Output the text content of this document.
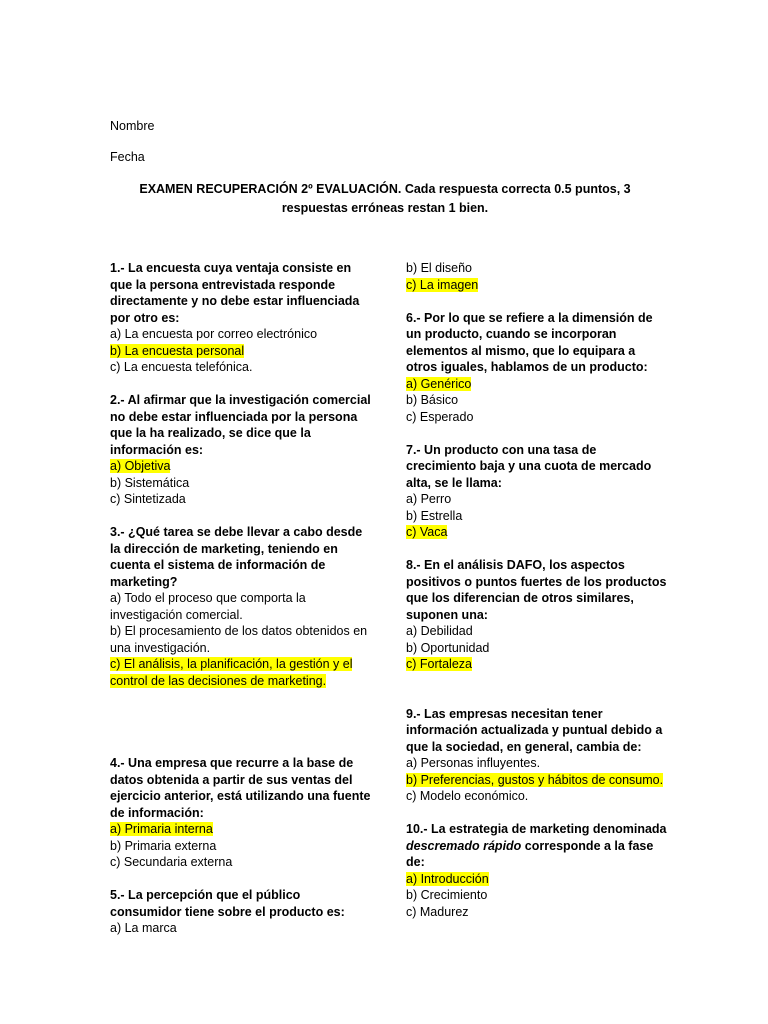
Nombre
Fecha
EXAMEN RECUPERACIÓN 2º EVALUACIÓN. Cada respuesta correcta 0.5 puntos, 3 respuestas erróneas restan 1 bien.
1.- La encuesta cuya ventaja consiste en que la persona entrevistada responde directamente y no debe estar influenciada por otro es:
a) La encuesta por correo electrónico
b) La encuesta personal
c) La encuesta telefónica.
2.- Al afirmar que la investigación comercial no debe estar influenciada por la persona que la ha realizado, se dice que la información es:
a) Objetiva
b) Sistemática
c) Sintetizada
3.- ¿Qué tarea se debe llevar a cabo desde la dirección de marketing, teniendo en cuenta el sistema de información de marketing?
a) Todo el proceso que comporta la investigación comercial.
b) El procesamiento de los datos obtenidos en una investigación.
c) El análisis, la planificación, la gestión y el control de las decisiones de marketing.
4.- Una empresa que recurre a la base de datos obtenida a partir de sus ventas del ejercicio anterior, está utilizando una fuente de información:
a) Primaria interna
b) Primaria externa
c) Secundaria externa
5.- La percepción que el público consumidor tiene sobre el producto es:
a) La marca
b) El diseño
c) La imagen
6.- Por lo que se refiere a la dimensión de un producto, cuando se incorporan elementos al mismo, que lo equipara a otros iguales, hablamos de un producto:
a) Genérico
b) Básico
c) Esperado
7.- Un producto con una tasa de crecimiento baja y una cuota de mercado alta, se le llama:
a) Perro
b) Estrella
c) Vaca
8.- En el análisis DAFO, los aspectos positivos o puntos fuertes de los productos que los diferencian de otros similares, suponen una:
a) Debilidad
b) Oportunidad
c) Fortaleza
9.- Las empresas necesitan tener información actualizada y puntual debido a que la sociedad, en general, cambia de:
a) Personas influyentes.
b) Preferencias, gustos y hábitos de consumo.
c) Modelo económico.
10.- La estrategia de marketing denominada descremado rápido corresponde a la fase de:
a) Introducción
b) Crecimiento
c) Madurez
